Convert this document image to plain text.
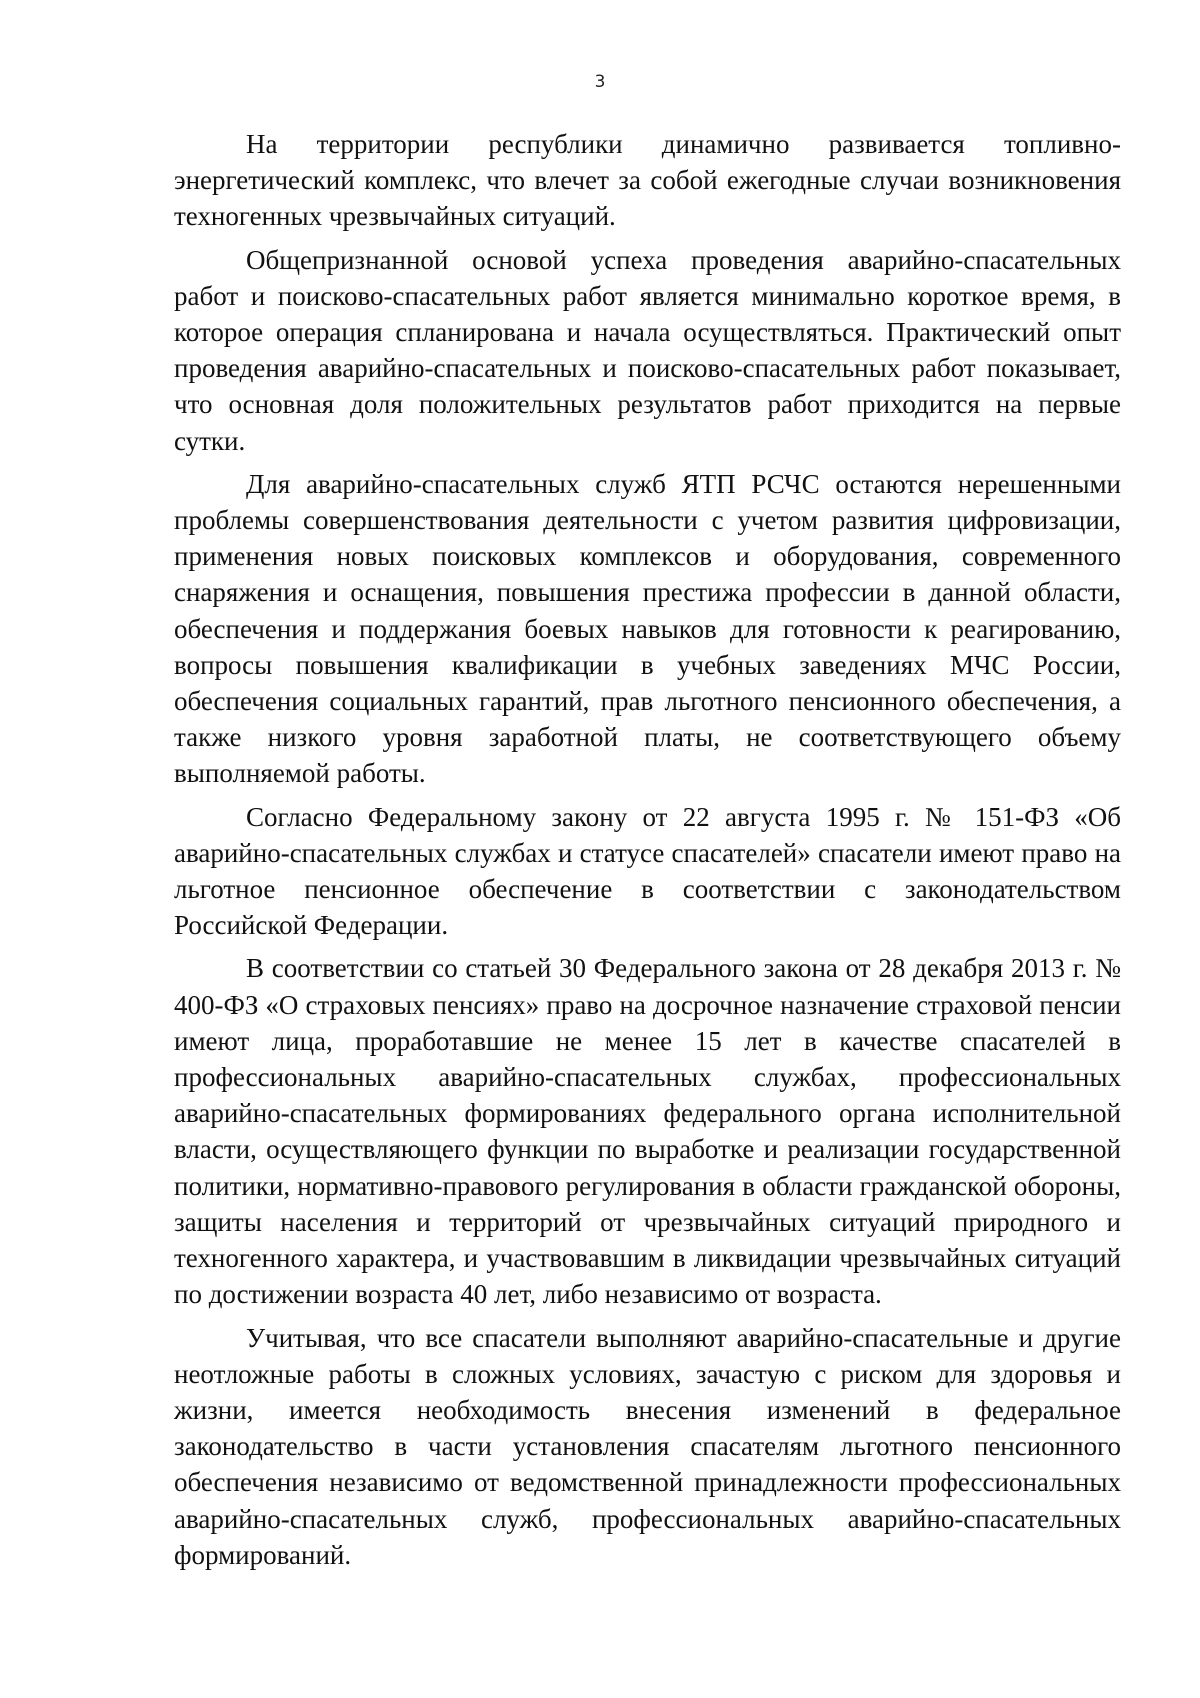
3

На территории республики динамично развивается топливно-энергетический комплекс, что влечет за собой ежегодные случаи возникновения техногенных чрезвычайных ситуаций.

Общепризнанной основой успеха проведения аварийно-спасательных работ и поисково-спасательных работ является минимально короткое время, в которое операция спланирована и начала осуществляться. Практический опыт проведения аварийно-спасательных и поисково-спасательных работ показывает, что основная доля положительных результатов работ приходится на первые сутки.

Для аварийно-спасательных служб ЯТП РСЧС остаются нерешенными проблемы совершенствования деятельности с учетом развития цифровизации, применения новых поисковых комплексов и оборудования, современного снаряжения и оснащения, повышения престижа профессии в данной области, обеспечения и поддержания боевых навыков для готовности к реагированию, вопросы повышения квалификации в учебных заведениях МЧС России, обеспечения социальных гарантий, прав льготного пенсионного обеспечения, а также низкого уровня заработной платы, не соответствующего объему выполняемой работы.

Согласно Федеральному закону от 22 августа 1995 г. № 151-ФЗ «Об аварийно-спасательных службах и статусе спасателей» спасатели имеют право на льготное пенсионное обеспечение в соответствии с законодательством Российской Федерации.

В соответствии со статьей 30 Федерального закона от 28 декабря 2013 г. № 400-ФЗ «О страховых пенсиях» право на досрочное назначение страховой пенсии имеют лица, проработавшие не менее 15 лет в качестве спасателей в профессиональных аварийно-спасательных службах, профессиональных аварийно-спасательных формированиях федерального органа исполнительной власти, осуществляющего функции по выработке и реализации государственной политики, нормативно-правового регулирования в области гражданской обороны, защиты населения и территорий от чрезвычайных ситуаций природного и техногенного характера, и участвовавшим в ликвидации чрезвычайных ситуаций по достижении возраста 40 лет, либо независимо от возраста.

Учитывая, что все спасатели выполняют аварийно-спасательные и другие неотложные работы в сложных условиях, зачастую с риском для здоровья и жизни, имеется необходимость внесения изменений в федеральное законодательство в части установления спасателям льготного пенсионного обеспечения независимо от ведомственной принадлежности профессиональных аварийно-спасательных служб, профессиональных аварийно-спасательных формирований.
